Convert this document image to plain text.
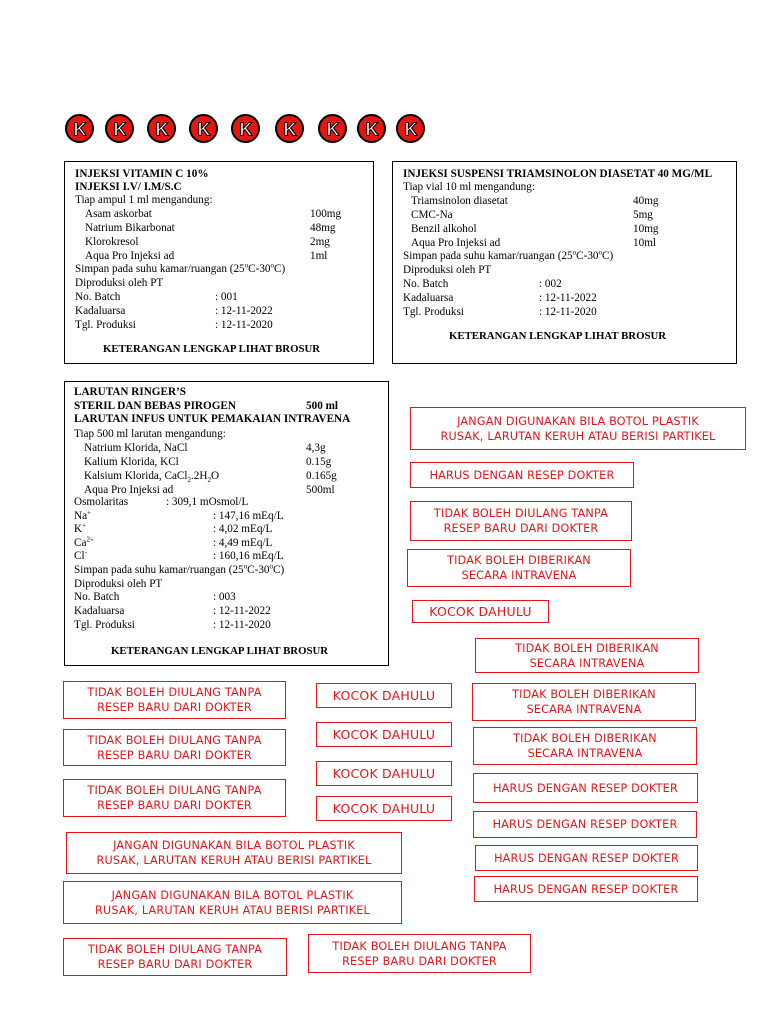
K K K K K K K K K
INJEKSI VITAMIN C 10%
INJEKSI I.V/ I.M/S.C
Tiap ampul 1 ml mengandung:
Asam askorbat	100mg
Natrium Bikarbonat	48mg
Klorokresol	2mg
Aqua Pro Injeksi ad	1ml
Simpan pada suhu kamar/ruangan (25$^o$C-30$^o$C)
Diproduksi oleh PT
No. Batch	: 001
Kadaluarsa	: 12-11-2022
Tgl. Produksi	: 12-11-2020
KETERANGAN LENGKAP LIHAT BROSUR
INJEKSI SUSPENSI TRIAMSINOLON DIASETAT 40 MG/ML
Tiap vial 10 ml mengandung:
Triamsinolon diasetat	40mg
CMC-Na	5mg
Benzil alkohol	10mg
Aqua Pro Injeksi ad	10ml
Simpan pada suhu kamar/ruangan (25$^o$C-30$^o$C)
Diproduksi oleh PT
No. Batch	: 002
Kadaluarsa	: 12-11-2022
Tgl. Produksi	: 12-11-2020
KETERANGAN LENGKAP LIHAT BROSUR
LARUTAN RINGER’S
STERIL DAN BEBAS PIROGEN	500 ml
LARUTAN INFUS UNTUK PEMAKAIAN INTRAVENA
Tiap 500 ml larutan mengandung:
Natrium Klorida, NaCl	4,3g
Kalium Klorida, KCl	0.15g
Kalsium Klorida, $CaCl_2.2H_2O$	0.165g
Aqua Pro Injeksi ad	500ml
Osmolaritas	: 309,1 mOsmol/L
Na+	: 147,16 mEq/L
K+	: 4,02 mEq/L
$Ca^{2+}$	: 4,49 mEq/L
Cl-	: 160,16 mEq/L
Simpan pada suhu kamar/ruangan (25$^o$C-30$^o$C)
Diproduksi oleh PT
No. Batch	: 003
Kadaluarsa	: 12-11-2022
Tgl. Produksi	: 12-11-2020
KETERANGAN LENGKAP LIHAT BROSUR
JANGAN DIGUNAKAN BILA BOTOL PLASTIK
RUSAK, LARUTAN KERUH ATAU BERISI PARTIKEL
HARUS DENGAN RESEP DOKTER
TIDAK BOLEH DIULANG TANPA
RESEP BARU DARI DOKTER
TIDAK BOLEH DIBERIKAN
SECARA INTRAVENA
KOCOK DAHULU
TIDAK BOLEH DIBERIKAN
SECARA INTRAVENA
TIDAK BOLEH DIULANG TANPA
RESEP BARU DARI DOKTER
TIDAK BOLEH DIULANG TANPA
RESEP BARU DARI DOKTER
TIDAK BOLEH DIULANG TANPA
RESEP BARU DARI DOKTER
JANGAN DIGUNAKAN BILA BOTOL PLASTIK
RUSAK, LARUTAN KERUH ATAU BERISI PARTIKEL
JANGAN DIGUNAKAN BILA BOTOL PLASTIK
RUSAK, LARUTAN KERUH ATAU BERISI PARTIKEL
TIDAK BOLEH DIULANG TANPA
RESEP BARU DARI DOKTER
KOCOK DAHULU
KOCOK DAHULU
KOCOK DAHULU
KOCOK DAHULU
TIDAK BOLEH DIULANG TANPA
RESEP BARU DARI DOKTER
TIDAK BOLEH DIBERIKAN
SECARA INTRAVENA
TIDAK BOLEH DIBERIKAN
SECARA INTRAVENA
HARUS DENGAN RESEP DOKTER
HARUS DENGAN RESEP DOKTER
HARUS DENGAN RESEP DOKTER
HARUS DENGAN RESEP DOKTER
